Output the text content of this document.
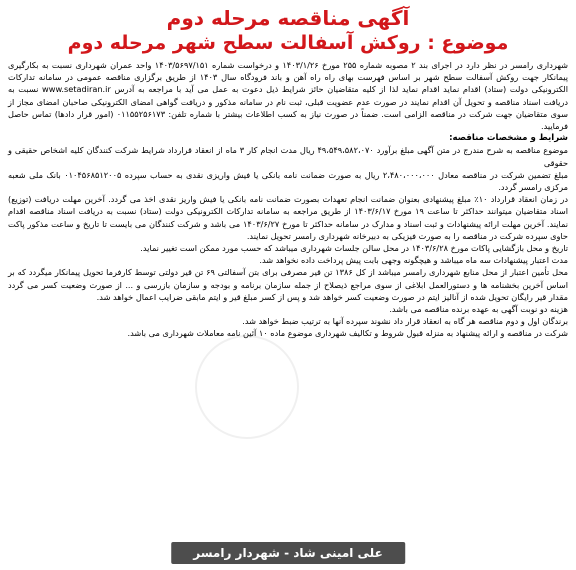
آگهی مناقصه مرحله دوم
موضوع : روکش آسفالت سطح شهر مرحله دوم

شهرداری رامسر در نظر دارد در اجرای بند ۲ مصوبه شماره ۲۵۵ مورخ ۱۴۰۳/۱/۲۶ و درخواست شماره ۱۴۰۳/۵۶۹۷/۱۵۱ واحد عمران شهرداری نسبت به بکارگیری پیمانکار جهت روکش آسفالت سطح شهر بر اساس فهرست بهای راه راه آهن و باند فرودگاه سال ۱۴۰۳ از طریق برگزاری مناقصه عمومی در سامانه تدارکات الکترونیکی دولت (ستاد) اقدام نماید اقدام نماید لذا از کلیه متقاضیان حائز شرایط ذیل دعوت به عمل می آید با مراجعه به آدرس www.setadiran.ir نسبت به دریافت اسناد مناقصه و تحویل آن اقدام نمایند در صورت عدم عضویت قبلی، ثبت نام در سامانه مذکور و دریافت گواهی امضای الکترونیکی صاحبان امضای مجاز از سوی متقاضیان جهت شرکت در مناقصه الزامی است. ضمناً در صورت نیاز به کسب اطلاعات بیشتر با شماره تلفن: ۰۱۱۵۵۲۵۶۱۷۳ (امور قرار دادها) تماس حاصل فرمایید.

شرایط و مشخصات مناقصه:

موضوع مناقصه به شرح مندرج در متن آگهی مبلغ برآورد ۴۹،۵۴۹،۵۸۲،۰۷۰ ریال مدت انجام کار ۳ ماه از انعقاد قرارداد شرایط شرکت کنندگان کلیه اشخاص حقیقی و حقوقی

مبلغ تضمین شرکت در مناقصه معادل ۲،۴۸۰،۰۰۰،۰۰۰ ریال به صورت ضمانت نامه بانکی یا فیش واریزی نقدی به حساب سپرده ۰۱۰۴۵۶۸۵۱۲۰۰۵ بانک ملی شعبه مرکزی رامسر گردد.

در زمان انعقاد قرارداد ۱۰٪ مبلغ پیشنهادی بعنوان ضمانت انجام تعهدات بصورت ضمانت نامه بانکی یا فیش واریز نقدی اخذ می گردد. آخرین مهلت دریافت (توزیع) اسناد متقاضیان میتوانند حداکثر تا ساعت ۱۹ مورخ ۱۴۰۳/۶/۱۷ از طریق مراجعه به سامانه تدارکات الکترونیکی دولت (ستاد) نسبت به دریافت اسناد مناقصه اقدام نمایند. آخرین مهلت ارائه پیشنهادات و ثبت اسناد و مدارک در سامانه حداکثر تا مورخ ۱۴۰۳/۶/۲۷ می باشد و شرکت کنندگان می بایست تا تاریخ و ساعت مذکور پاکت حاوی سپرده شرکت در مناقصه را به صورت فیزیکی به دبیرخانه شهرداری رامسر تحویل نمایند.

تاریخ و محل بازگشایی پاکات مورخ ۱۴۰۳/۶/۲۸ در محل سالن جلسات شهرداری میباشد که حسب مورد ممکن است تغییر نماید.

مدت اعتبار پیشنهادات سه ماه میباشد و هیچگونه وجهی بابت پیش پرداخت داده نخواهد شد.

محل تأمین اعتبار از محل منابع شهرداری رامسر میباشد از کل ۱۳۸۶ تن قیر مصرفی برای بتن آسفالتی ۶۹ تن قیر دولتی توسط کارفرما تحویل پیمانکار میگردد که بر اساس آخرین بخشنامه ها و دستورالعمل ابلاغی از سوی مراجع ذیصلاح از جمله سازمان برنامه و بودجه و سازمان بازرسی و ... از صورت وضعیت کسر می گردد مقدار قیر رایگان تحویل شده از آنالیز ایتم در صورت وضعیت کسر خواهد شد و پس از کسر مبلغ قیر و ایتم مابقی ضرایب اعمال خواهد شد.

هزینه دو نوبت آگهی به عهده برنده مناقصه می باشد.

برندگان اول و دوم مناقصه هر گاه به انعقاد قرار داد نشوند سپرده آنها به ترتیب ضبط خواهد شد.

شرکت در مناقصه و ارائه پیشنهاد به منزله قبول شروط و تکالیف شهرداری موضوع ماده ۱۰ آئین نامه معاملات شهرداری می باشد.

علی امینی شاد - شهردار رامسر
